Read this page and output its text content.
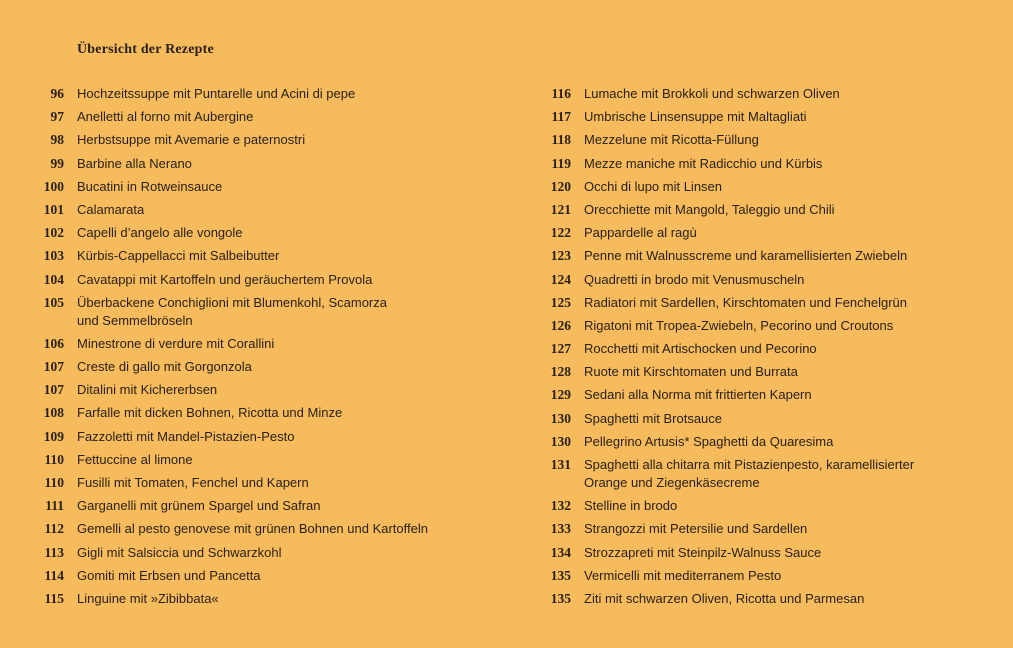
Übersicht der Rezepte
96	Hochzeitssuppe mit Puntarelle und Acini di pepe
97	Anelletti al forno mit Aubergine
98	Herbstsuppe mit Avemarie e paternostri
99	Barbine alla Nerano
100	Bucatini in Rotweinsauce
101	Calamarata
102	Capelli d’angelo alle vongole
103	Kürbis-Cappellacci mit Salbeibutter
104	Cavatappi mit Kartoffeln und geräuchertem Provola
105	Überbackene Conchiglioni mit Blumenkohl, Scamorza
und Semmelbröseln
106	Minestrone di verdure mit Corallini
107	Creste di gallo mit Gorgonzola
107	Ditalini mit Kichererbsen
108	Farfalle mit dicken Bohnen, Ricotta und Minze
109	Fazzoletti mit Mandel-Pistazien-Pesto
110	Fettuccine al limone
110	Fusilli mit Tomaten, Fenchel und Kapern
111	Garganelli mit grünem Spargel und Safran
112	Gemelli al pesto genovese mit grünen Bohnen und Kartoffeln
113	Gigli mit Salsiccia und Schwarzkohl
114	Gomiti mit Erbsen und Pancetta
115	Linguine mit »Zibibbata«
116	Lumache mit Brokkoli und schwarzen Oliven
117	Umbrische Linsensuppe mit Maltagliati
118	Mezzelune mit Ricotta-Füllung
119	Mezze maniche mit Radicchio und Kürbis
120	Occhi di lupo mit Linsen
121	Orecchiette mit Mangold, Taleggio und Chili
122	Pappardelle al ragù
123	Penne mit Walnusscreme und karamellisierten Zwiebeln
124	Quadretti in brodo mit Venusmuscheln
125	Radiatori mit Sardellen, Kirschtomaten und Fenchelgrün
126	Rigatoni mit Tropea-Zwiebeln, Pecorino und Croutons
127	Rocchetti mit Artischocken und Pecorino
128	Ruote mit Kirschtomaten und Burrata
129	Sedani alla Norma mit frittierten Kapern
130	Spaghetti mit Brotsauce
130	Pellegrino Artusis* Spaghetti da Quaresima
131	Spaghetti alla chitarra mit Pistazienpesto, karamellisierter
Orange und Ziegenkäsecreme
132	Stelline in brodo
133	Strangozzi mit Petersilie und Sardellen
134	Strozzapreti mit Steinpilz-Walnuss Sauce
135	Vermicelli mit mediterranem Pesto
135	Ziti mit schwarzen Oliven, Ricotta und Parmesan
